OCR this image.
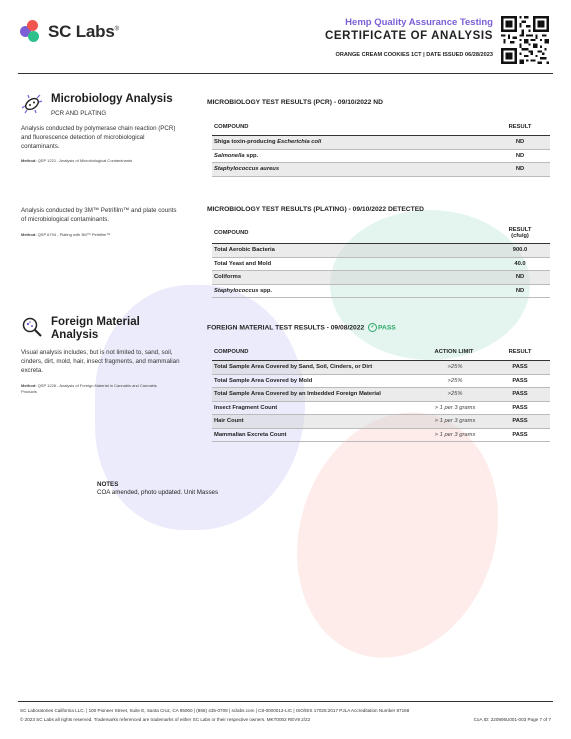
SC Labs®
Hemp Quality Assurance Testing
CERTIFICATE OF ANALYSIS
ORANGE CREAM COOKIES 1CT | DATE ISSUED 06/28/2023
Microbiology Analysis
PCR AND PLATING
Analysis conducted by polymerase chain reaction (PCR) and fluorescence detection of microbiological contaminants.
Method: QSP 1221 - Analysis of Microbiological Contaminants
Analysis conducted by 3M™ Petrifilm™ and plate counts of microbiological contaminants.
Method: QSP 6794 - Plating with 3M™ Petrifilm™
MICROBIOLOGY TEST RESULTS (PCR) - 09/10/2022 ND
COMPOUND	RESULT
Shiga toxin-producing Escherichia coli	ND
Salmonella spp.	ND
Staphylococcus aureus	ND
MICROBIOLOGY TEST RESULTS (PLATING) - 09/10/2022 DETECTED
COMPOUND	RESULT
(cfu/g)
Total Aerobic Bacteria	900.0
Total Yeast and Mold	40.0
Coliforms	ND
Staphylococcus spp.	ND
Foreign Material Analysis
Visual analysis includes, but is not limited to, sand, soil, cinders, dirt, mold, hair, insect fragments, and mammalian excreta.
Method: QSP 1226 - Analysis of Foreign Material in Cannabis and Cannabis Products
FOREIGN MATERIAL TEST RESULTS - 09/08/2022 ✓ PASS
COMPOUND	ACTION LIMIT	RESULT
Total Sample Area Covered by Sand, Soil, Cinders, or Dirt	>25%	PASS
Total Sample Area Covered by Mold	>25%	PASS
Total Sample Area Covered by an Imbedded Foreign Material	>25%	PASS
Insect Fragment Count	> 1 per 3 grams	PASS
Hair Count	> 1 per 3 grams	PASS
Mammalian Excreta Count	> 1 per 3 grams	PASS
NOTES
COA amended, photo updated. Unit Masses
SC Laboratories California LLC. | 100 Pioneer Street, Suite E, Santa Cruz, CA 95060 | (866) 435-0709 | sclabs.com | C8-0000013-LIC | ISO/IES 17025:2017 PJLA Accreditation Number 87168
© 2023 SC Labs all rights reserved. Trademarks referenced are trademarks of either SC Labs or their respective owners. MKT0002 REV9 2/22	CoA ID: 220906U001-003 Page 7 of 7
